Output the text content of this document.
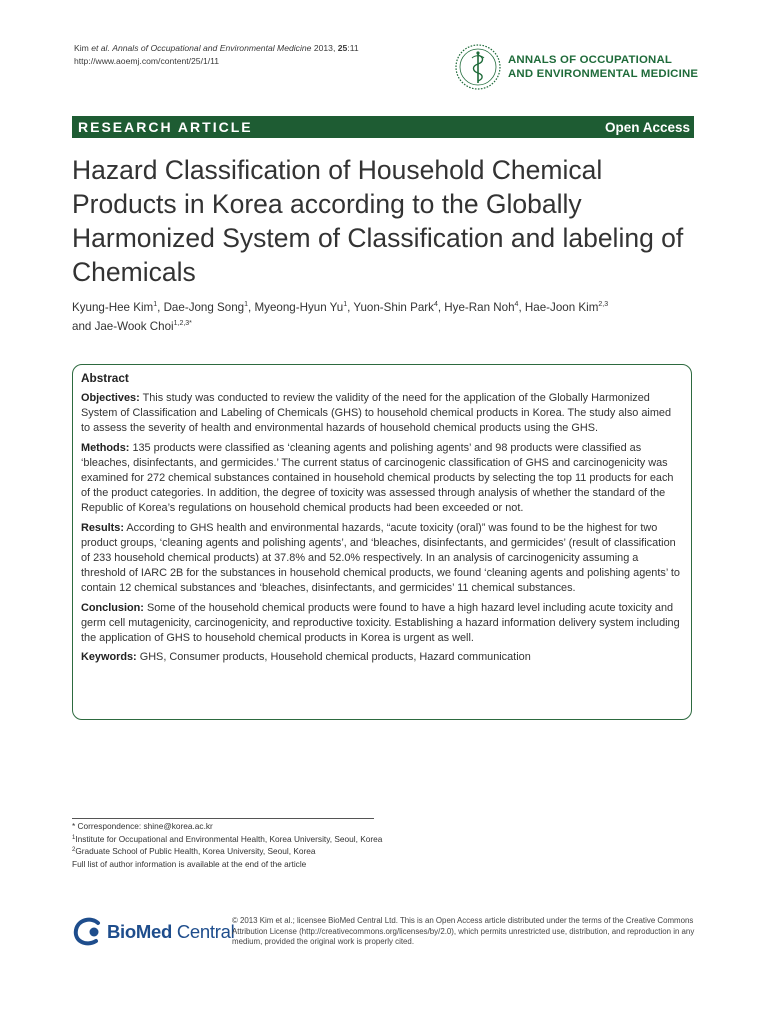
Kim et al. Annals of Occupational and Environmental Medicine 2013, 25:11
http://www.aoemj.com/content/25/1/11	ANNALS OF OCCUPATIONAL
AND ENVIRONMENTAL MEDICINE
RESEARCH ARTICLE	Open Access
Hazard Classification of Household Chemical Products in Korea according to the Globally Harmonized System of Classification and labeling of Chemicals
Kyung-Hee Kim$^1$, Dae-Jong Song$^1$, Myeong-Hyun Yu$^1$, Yuon-Shin Park$^4$, Hye-Ran Noh$^4$, Hae-Joon Kim$^{2,3}$
and Jae-Wook Choi$^{1,2,3*}$
Abstract

Objectives: This study was conducted to review the validity of the need for the application of the Globally Harmonized System of Classification and Labeling of Chemicals (GHS) to household chemical products in Korea. The study also aimed to assess the severity of health and environmental hazards of household chemical products using the GHS.

Methods: 135 products were classified as ‘cleaning agents and polishing agents’ and 98 products were classified as ‘bleaches, disinfectants, and germicides.’ The current status of carcinogenic classification of GHS and carcinogenicity was examined for 272 chemical substances contained in household chemical products by selecting the top 11 products for each of the product categories. In addition, the degree of toxicity was assessed through analysis of whether the standard of the Republic of Korea’s regulations on household chemical products had been exceeded or not.

Results: According to GHS health and environmental hazards, “acute toxicity (oral)” was found to be the highest for two product groups, ‘cleaning agents and polishing agents’, and ‘bleaches, disinfectants, and germicides’ (result of classification of 233 household chemical products) at 37.8% and 52.0% respectively. In an analysis of carcinogenicity assuming a threshold of IARC 2B for the substances in household chemical products, we found ‘cleaning agents and polishing agents’ to contain 12 chemical substances and ‘bleaches, disinfectants, and germicides’ 11 chemical substances.

Conclusion: Some of the household chemical products were found to have a high hazard level including acute toxicity and germ cell mutagenicity, carcinogenicity, and reproductive toxicity. Establishing a hazard information delivery system including the application of GHS to household chemical products in Korea is urgent as well.

Keywords: GHS, Consumer products, Household chemical products, Hazard communication

* Correspondence: shine@korea.ac.kr
$^1$Institute for Occupational and Environmental Health, Korea University, Seoul, Korea
$^2$Graduate School of Public Health, Korea University, Seoul, Korea
Full list of author information is available at the end of the article
BioMed Central
© 2013 Kim et al.; licensee BioMed Central Ltd. This is an Open Access article distributed under the terms of the Creative Commons Attribution License (http://creativecommons.org/licenses/by/2.0), which permits unrestricted use, distribution, and reproduction in any medium, provided the original work is properly cited.
